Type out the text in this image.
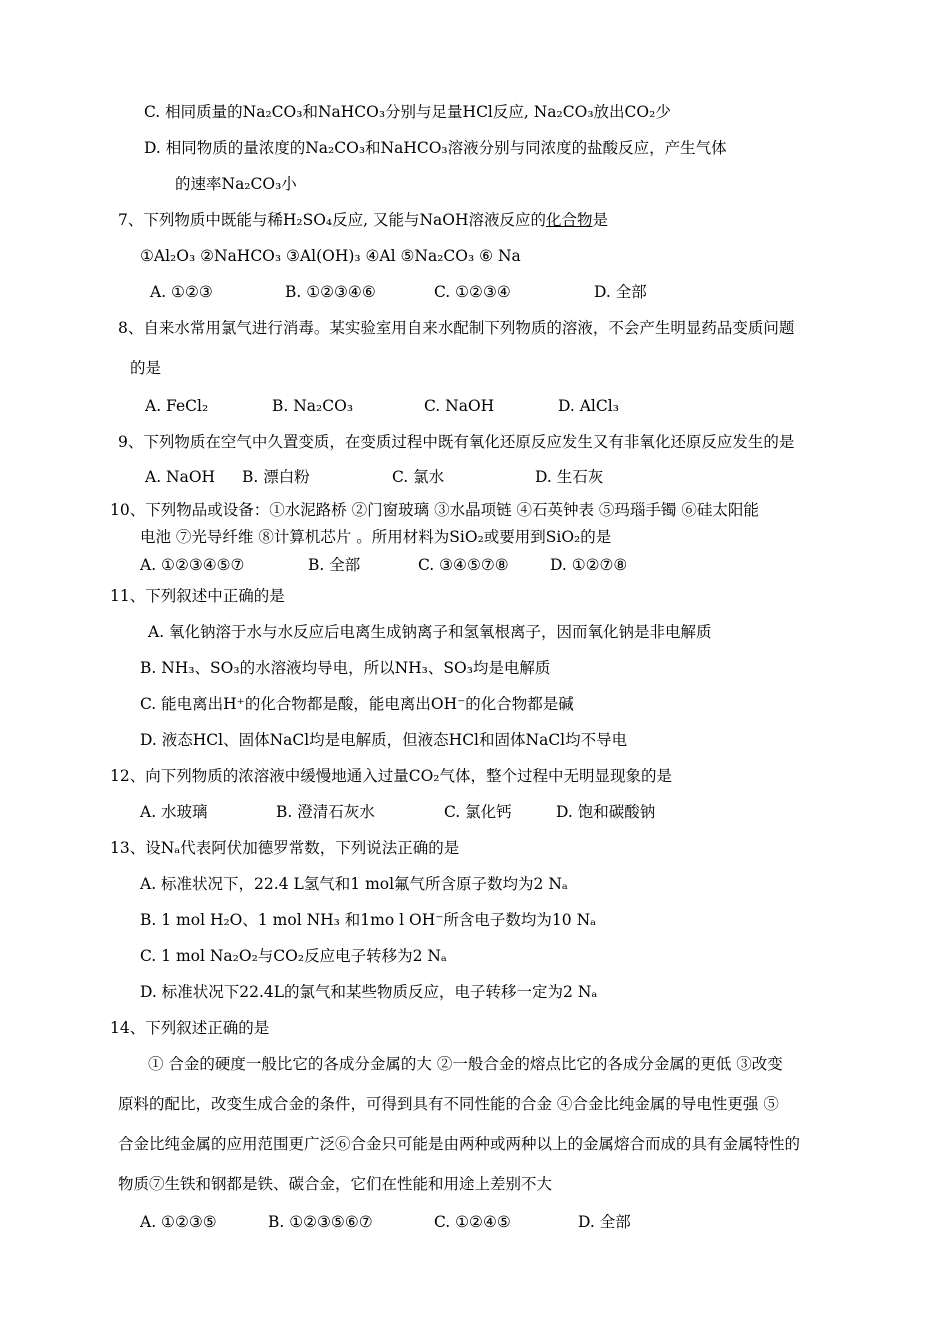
C. 相同质量的Na₂CO₃和NaHCO₃分别与足量HCl反应, Na₂CO₃放出CO₂少
D. 相同物质的量浓度的Na₂CO₃和NaHCO₃溶液分别与同浓度的盐酸反应，产生气体
的速率Na₂CO₃小
7、下列物质中既能与稀H₂SO₄反应, 又能与NaOH溶液反应的化合物是
①Al₂O₃ ②NaHCO₃ ③Al(OH)₃ ④Al ⑤Na₂CO₃ ⑥ Na
A. ①②③	B. ①②③④⑥	C. ①②③④	D. 全部
8、自来水常用氯气进行消毒。某实验室用自来水配制下列物质的溶液，不会产生明显药品变质问题
的是
A. FeCl₂	B. Na₂CO₃	C. NaOH	D. AlCl₃
9、下列物质在空气中久置变质，在变质过程中既有氧化还原反应发生又有非氧化还原反应发生的是
A. NaOH B. 漂白粉	C. 氯水	D. 生石灰
10、下列物品或设备：①水泥路桥 ②门窗玻璃 ③水晶项链 ④石英钟表 ⑤玛瑙手镯 ⑥硅太阳能
电池 ⑦光导纤维 ⑧计算机芯片 。所用材料为SiO₂或要用到SiO₂的是
A. ①②③④⑤⑦	B. 全部	C. ③④⑤⑦⑧	D. ①②⑦⑧
11、下列叙述中正确的是
A. 氧化钠溶于水与水反应后电离生成钠离子和氢氧根离子，因而氧化钠是非电解质
B. NH₃、SO₃的水溶液均导电，所以NH₃、SO₃均是电解质
C. 能电离出H⁺的化合物都是酸，能电离出OH⁻的化合物都是碱
D. 液态HCl、固体NaCl均是电解质，但液态HCl和固体NaCl均不导电
12、向下列物质的浓溶液中缓慢地通入过量CO₂气体，整个过程中无明显现象的是
A. 水玻璃	B. 澄清石灰水	C. 氯化钙	D. 饱和碳酸钠
13、设Nₐ代表阿伏加德罗常数，下列说法正确的是
A. 标准状况下，22.4 L氢气和1 mol氟气所含原子数均为2 Nₐ
B. 1 mol H₂O、1 mol NH₃ 和1mo l OH⁻所含电子数均为10 Nₐ
C. 1 mol Na₂O₂与CO₂反应电子转移为2 Nₐ
D. 标准状况下22.4L的氯气和某些物质反应，电子转移一定为2 Nₐ
14、下列叙述正确的是
① 合金的硬度一般比它的各成分金属的大 ②一般合金的熔点比它的各成分金属的更低 ③改变
原料的配比，改变生成合金的条件，可得到具有不同性能的合金 ④合金比纯金属的导电性更强 ⑤
合金比纯金属的应用范围更广泛⑥合金只可能是由两种或两种以上的金属熔合而成的具有金属特性的
物质⑦生铁和钢都是铁、碳合金，它们在性能和用途上差别不大
A. ①②③⑤	B. ①②③⑤⑥⑦	C. ①②④⑤	D. 全部
